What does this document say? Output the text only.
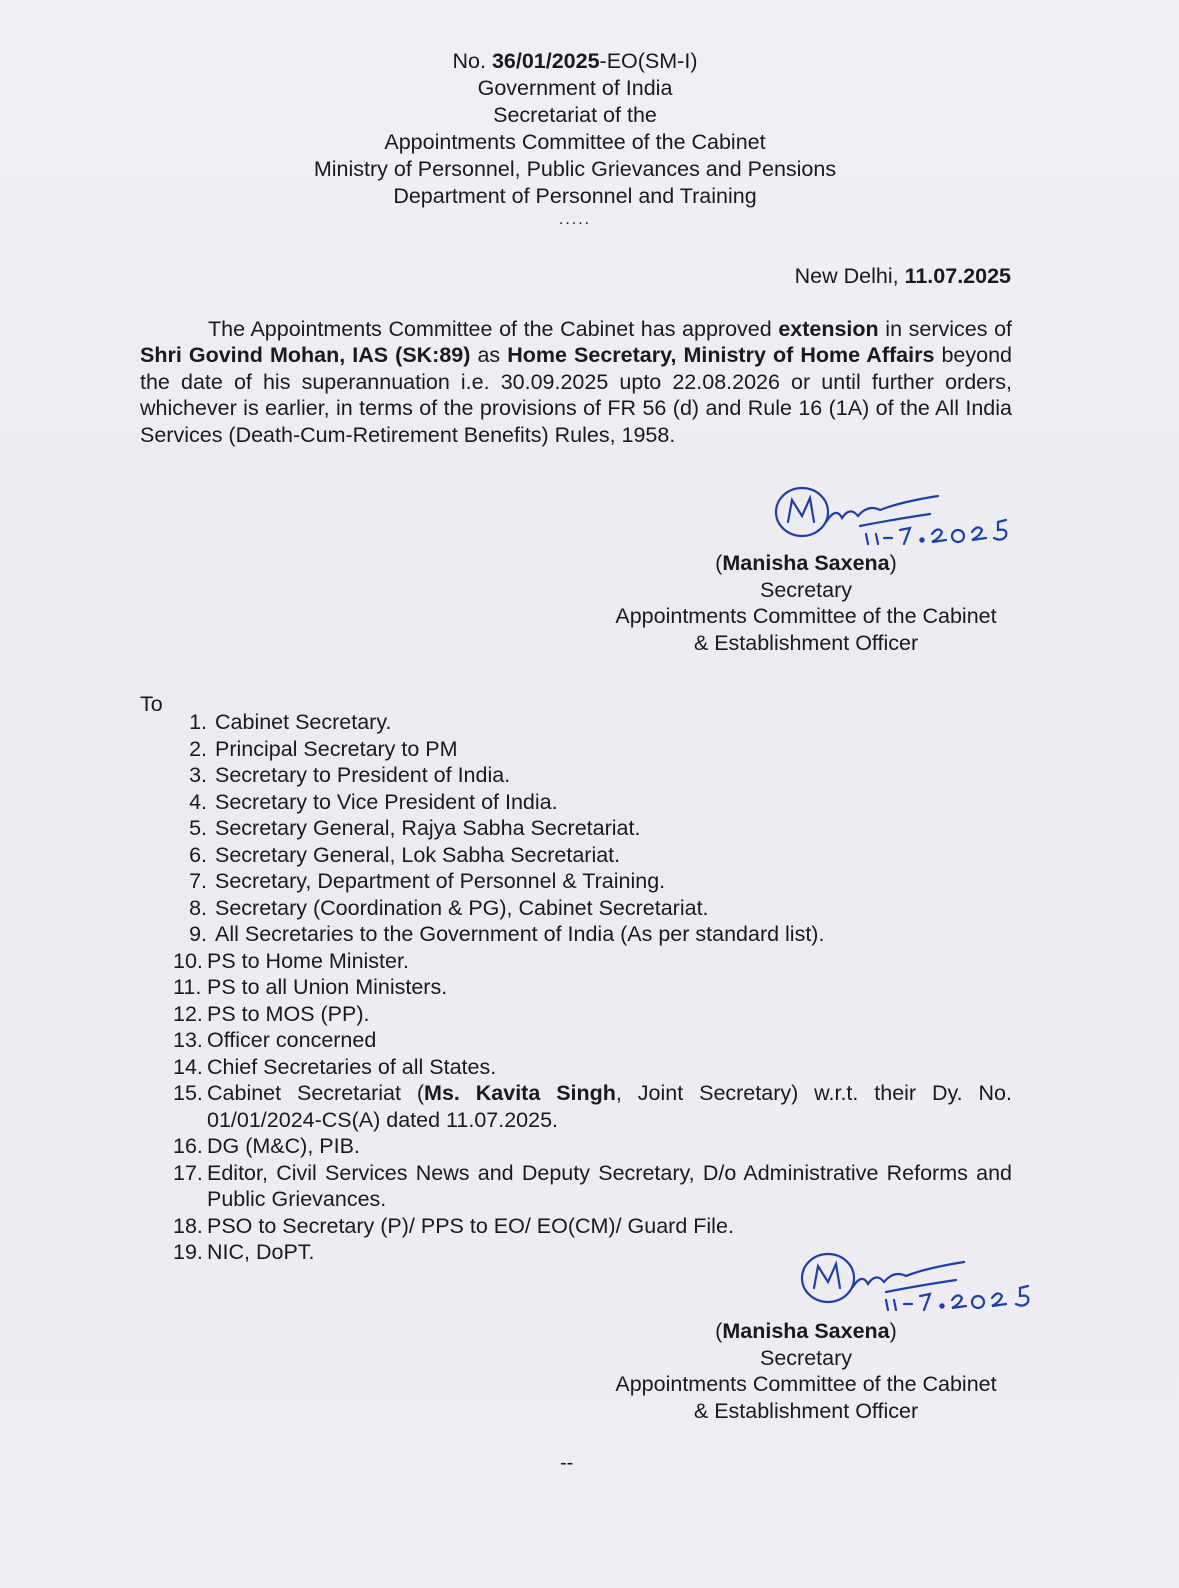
No. 36/01/2025-EO(SM-I)
Government of India
Secretariat of the
Appointments Committee of the Cabinet
Ministry of Personnel, Public Grievances and Pensions
Department of Personnel and Training
.....
New Delhi, 11.07.2025
The Appointments Committee of the Cabinet has approved extension in services of Shri Govind Mohan, IAS (SK:89) as Home Secretary, Ministry of Home Affairs beyond the date of his superannuation i.e. 30.09.2025 upto 22.08.2026 or until further orders, whichever is earlier, in terms of the provisions of FR 56 (d) and Rule 16 (1A) of the All India Services (Death-Cum-Retirement Benefits) Rules, 1958.
(Manisha Saxena)
Secretary
Appointments Committee of the Cabinet
& Establishment Officer
To
1. Cabinet Secretary.
2. Principal Secretary to PM
3. Secretary to President of India.
4. Secretary to Vice President of India.
5. Secretary General, Rajya Sabha Secretariat.
6. Secretary General, Lok Sabha Secretariat.
7. Secretary, Department of Personnel & Training.
8. Secretary (Coordination & PG), Cabinet Secretariat.
9. All Secretaries to the Government of India (As per standard list).
10. PS to Home Minister.
11. PS to all Union Ministers.
12. PS to MOS (PP).
13. Officer concerned
14. Chief Secretaries of all States.
15. Cabinet Secretariat (Ms. Kavita Singh, Joint Secretary) w.r.t. their Dy. No. 01/01/2024-CS(A) dated 11.07.2025.
16. DG (M&C), PIB.
17. Editor, Civil Services News and Deputy Secretary, D/o Administrative Reforms and Public Grievances.
18. PSO to Secretary (P)/ PPS to EO/ EO(CM)/ Guard File.
19. NIC, DoPT.
(Manisha Saxena)
Secretary
Appointments Committee of the Cabinet
& Establishment Officer
--
